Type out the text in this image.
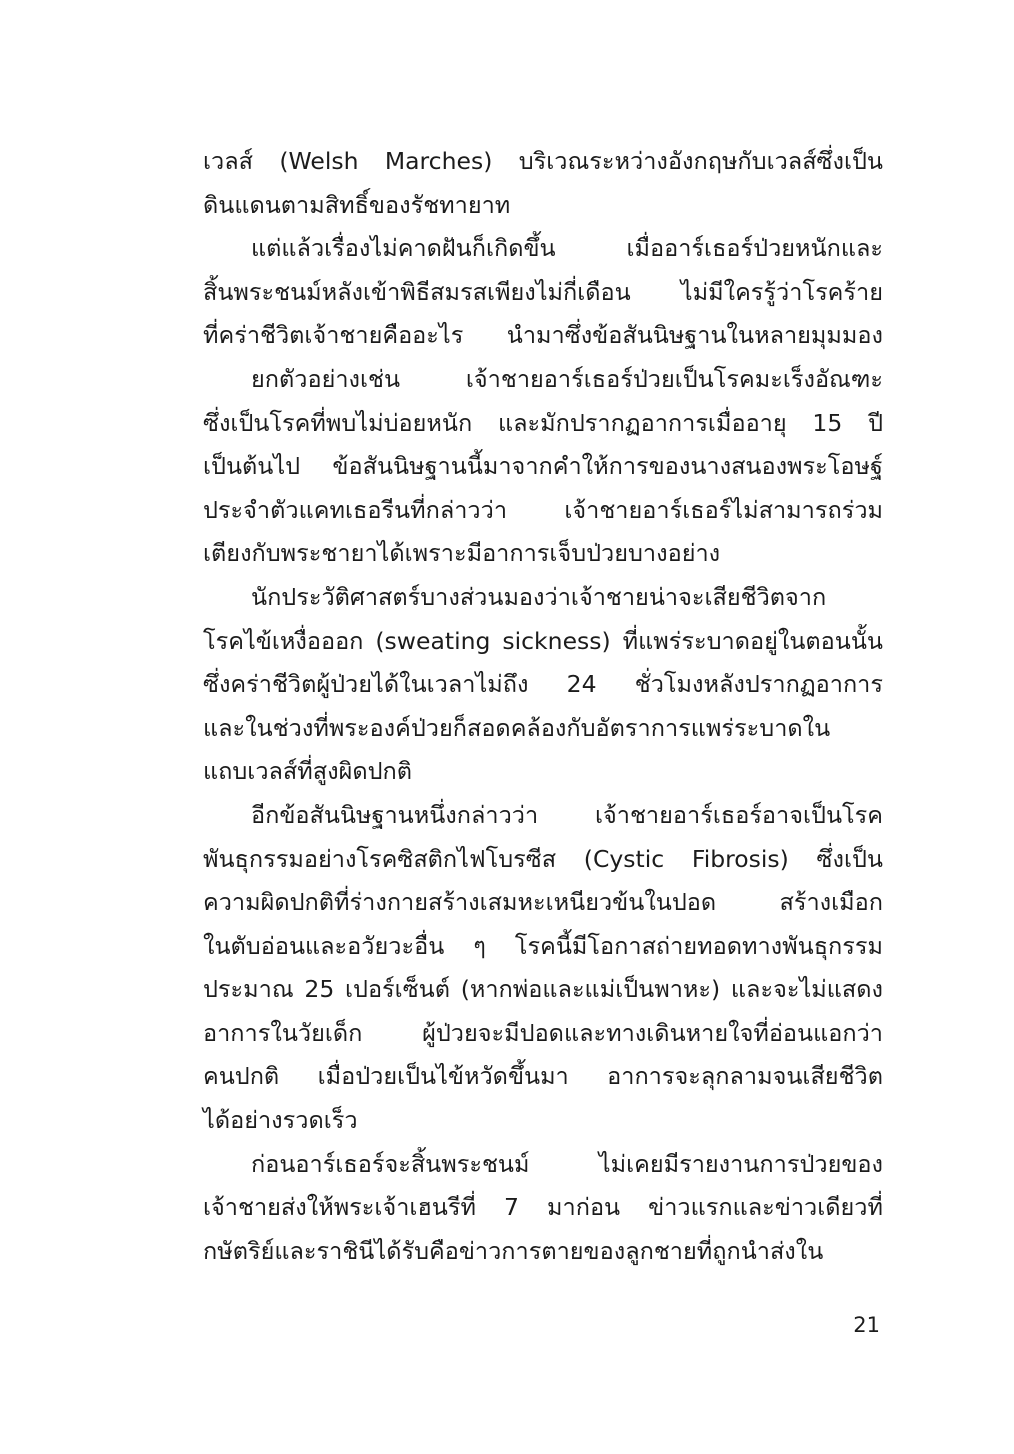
เวลส์ (Welsh Marches) บริเวณระหว่างอังกฤษกับเวลส์ซึ่งเป็น
ดินแดนตามสิทธิ์ของรัชทายาท
แต่แล้วเรื่องไม่คาดฝันก็เกิดขึ้น เมื่ออาร์เธอร์ป่วยหนักและ
สิ้นพระชนม์หลังเข้าพิธีสมรสเพียงไม่กี่เดือน ไม่มีใครรู้ว่าโรคร้าย
ที่คร่าชีวิตเจ้าชายคืออะไร นำมาซึ่งข้อสันนิษฐานในหลายมุมมอง
ยกตัวอย่างเช่น เจ้าชายอาร์เธอร์ป่วยเป็นโรคมะเร็งอัณฑะ
ซึ่งเป็นโรคที่พบไม่บ่อยหนัก และมักปรากฏอาการเมื่ออายุ 15 ปี
เป็นต้นไป ข้อสันนิษฐานนี้มาจากคำให้การของนางสนองพระโอษฐ์
ประจำตัวแคทเธอรีนที่กล่าวว่า เจ้าชายอาร์เธอร์ไม่สามารถร่วม
เตียงกับพระชายาได้เพราะมีอาการเจ็บป่วยบางอย่าง
นักประวัติศาสตร์บางส่วนมองว่าเจ้าชายน่าจะเสียชีวิตจาก
โรคไข้เหงื่อออก (sweating sickness) ที่แพร่ระบาดอยู่ในตอนนั้น
ซึ่งคร่าชีวิตผู้ป่วยได้ในเวลาไม่ถึง 24 ชั่วโมงหลังปรากฏอาการ
และในช่วงที่พระองค์ป่วยก็สอดคล้องกับอัตราการแพร่ระบาดใน
แถบเวลส์ที่สูงผิดปกติ
อีกข้อสันนิษฐานหนึ่งกล่าวว่า เจ้าชายอาร์เธอร์อาจเป็นโรค
พันธุกรรมอย่างโรคซิสติกไฟโบรซีส (Cystic Fibrosis) ซึ่งเป็น
ความผิดปกติที่ร่างกายสร้างเสมหะเหนียวข้นในปอด สร้างเมือก
ในตับอ่อนและอวัยวะอื่น ๆ โรคนี้มีโอกาสถ่ายทอดทางพันธุกรรม
ประมาณ 25 เปอร์เซ็นต์ (หากพ่อและแม่เป็นพาหะ) และจะไม่แสดง
อาการในวัยเด็ก ผู้ป่วยจะมีปอดและทางเดินหายใจที่อ่อนแอกว่า
คนปกติ เมื่อป่วยเป็นไข้หวัดขึ้นมา อาการจะลุกลามจนเสียชีวิต
ได้อย่างรวดเร็ว
ก่อนอาร์เธอร์จะสิ้นพระชนม์ ไม่เคยมีรายงานการป่วยของ
เจ้าชายส่งให้พระเจ้าเฮนรีที่ 7 มาก่อน ข่าวแรกและข่าวเดียวที่
กษัตริย์และราชินีได้รับคือข่าวการตายของลูกชายที่ถูกนำส่งใน
21
